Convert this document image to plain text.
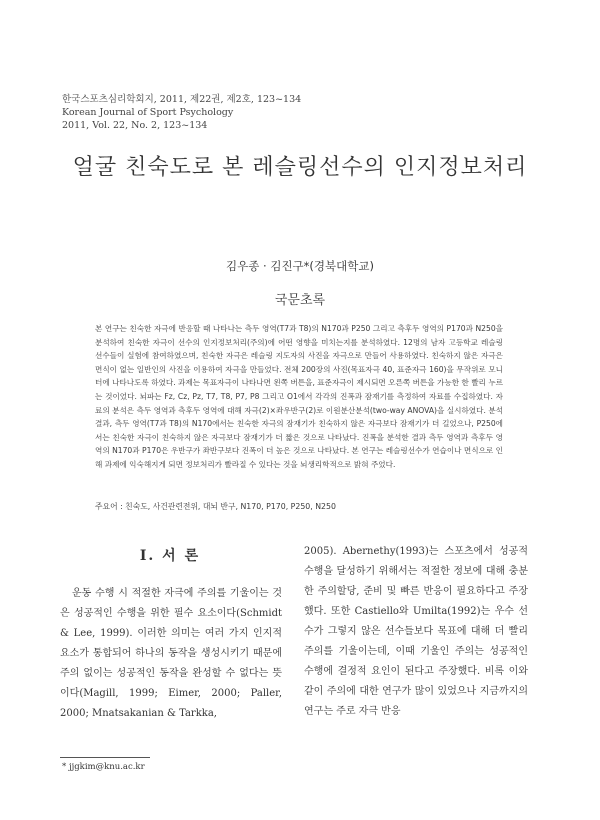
한국스포츠심리학회지, 2011, 제22권, 제2호, 123~134
Korean Journal of Sport Psychology
2011, Vol. 22, No. 2, 123~134
얼굴 친숙도로 본 레슬링선수의 인지정보처리
김우종 · 김진구*(경북대학교)
국문초록
본 연구는 친숙한 자극에 반응할 때 나타나는 측두 영역(T7과 T8)의 N170과 P250 그리고 측후두 영역의 P170과 N250을 분석하여 친숙한 자극이 선수의 인지정보처리(주의)에 어떤 영향을 미치는지를 분석하였다. 12명의 남자 고등학교 레슬링 선수들이 실험에 참여하였으며, 친숙한 자극은 레슬링 지도자의 사진을 자극으로 만들어 사용하였다. 친숙하지 않은 자극은 면식이 없는 일반인의 사진을 이용하여 자극을 만들었다. 전체 200장의 사진(목표자극 40, 표준자극 160)을 무작위로 모니터에 나타나도록 하였다. 과제는 목표자극이 나타나면 왼쪽 버튼을, 표준자극이 제시되면 오른쪽 버튼을 가능한 한 빨리 누르는 것이었다. 뇌파는 Fz, Cz, Pz, T7, T8, P7, P8 그리고 O1에서 각각의 진폭과 잠재기를 측정하여 자료를 수집하였다. 자료의 분석은 측두 영역과 측후두 영역에 대해 자극(2)×좌우반구(2)로 이원분산분석(two-way ANOVA)을 실시하였다. 분석 결과, 측두 영역(T7과 T8)의 N170에서는 친숙한 자극의 잠재기가 친숙하지 않은 자극보다 잠재기가 더 길었으나, P250에서는 친숙한 자극이 친숙하지 않은 자극보다 잠재기가 더 짧은 것으로 나타났다. 진폭을 분석한 결과 측두 영역과 측후두 영역의 N170과 P170은 우반구가 좌반구보다 진폭이 더 높은 것으로 나타났다. 본 연구는 레슬링선수가 연습이나 면식으로 인해 과제에 익숙해지게 되면 정보처리가 빨라질 수 있다는 것을 뇌생리학적으로 밝혀 주었다.
주요어 : 친숙도, 사건관련전위, 대뇌 반구, N170, P170, P250, N250
I. 서 론
운동 수행 시 적절한 자극에 주의를 기울이는 것은 성공적인 수행을 위한 필수 요소이다(Schmidt & Lee, 1999). 이러한 의미는 여러 가지 인지적 요소가 통합되어 하나의 동작을 생성시키기 때문에 주의 없이는 성공적인 동작을 완성할 수 없다는 뜻이다(Magill, 1999; Eimer, 2000; Paller, 2000; Mnatsakanian & Tarkka,
2005). Abernethy(1993)는 스포츠에서 성공적 수행을 달성하기 위해서는 적절한 정보에 대해 충분한 주의할당, 준비 및 빠른 반응이 필요하다고 주장했다. 또한 Castiello와 Umilta(1992)는 우수 선수가 그렇지 않은 선수들보다 목표에 대해 더 빨리 주의를 기울이는데, 이때 기울인 주의는 성공적인 수행에 결정적 요인이 된다고 주장했다. 비록 이와 같이 주의에 대한 연구가 많이 있었으나 지금까지의 연구는 주로 자극 반응
* jjgkim@knu.ac.kr
